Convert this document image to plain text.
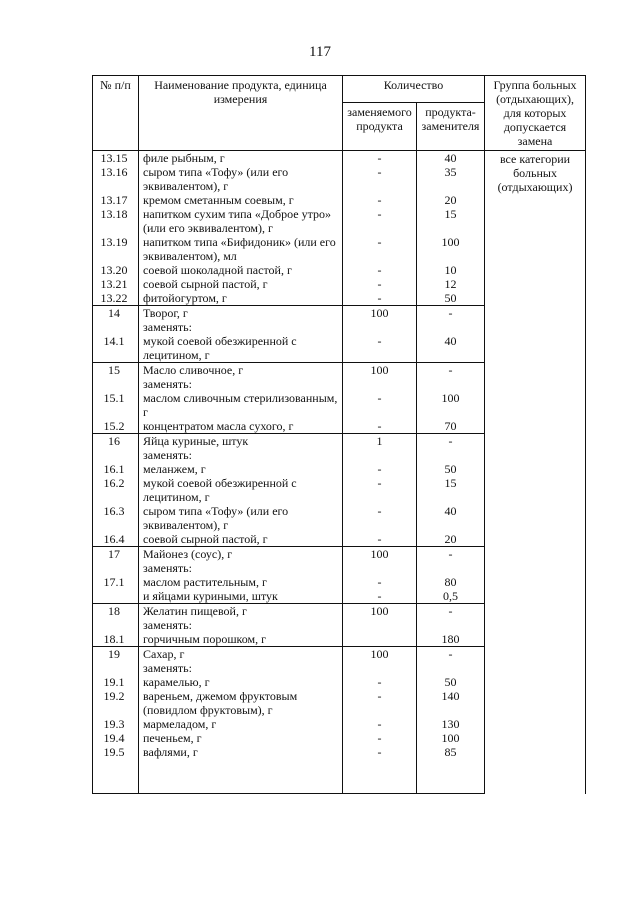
117
№ п/п	Наименование продукта, единица измерения	Количество		Группа больных (отдыхающих), для которых допускается замена
		заменяемого продукта	продукта-заменителя	
13.15	филе рыбным, г	-	40	все категории больных (отдыхающих)
13.16	сыром типа «Тофу» (или его эквивалентом), г	-	35	
13.17	кремом сметанным соевым, г	-	20	
13.18	напитком сухим типа «Доброе утро» (или его эквивалентом), г	-	15	
13.19	напитком типа «Бифидоник» (или его эквивалентом), мл	-	100	
13.20	соевой шоколадной пастой, г	-	10	
13.21	соевой сырной пастой, г	-	12	
13.22	фитойогуртом, г	-	50	
14	Творог, г	100	-	
	заменять:			
14.1	мукой соевой обезжиренной с лецитином, г	-	40	
15	Масло сливочное, г	100	-	
	заменять:			
15.1	маслом сливочным стерилизованным, г	-	100	
15.2	концентратом масла сухого, г	-	70	
16	Яйца куриные, штук	1	-	
	заменять:			
16.1	меланжем, г	-	50	
16.2	мукой соевой обезжиренной с лецитином, г	-	15	
16.3	сыром типа «Тофу» (или его эквивалентом), г	-	40	
16.4	соевой сырной пастой, г	-	20	
17	Майонез (соус), г	100	-	
	заменять:			
17.1	маслом растительным, г	-	80	
	и яйцами куриными, штук	-	0,5	
18	Желатин пищевой, г	100	-	
	заменять:			
18.1	горчичным порошком, г		180	
19	Сахар, г	100	-	
	заменять:			
19.1	карамелью, г	-	50	
19.2	вареньем, джемом фруктовым (повидлом фруктовым), г	-	140	
19.3	мармеладом, г	-	130	
19.4	печеньем, г	-	100	
19.5	вафлями, г	-	85	
